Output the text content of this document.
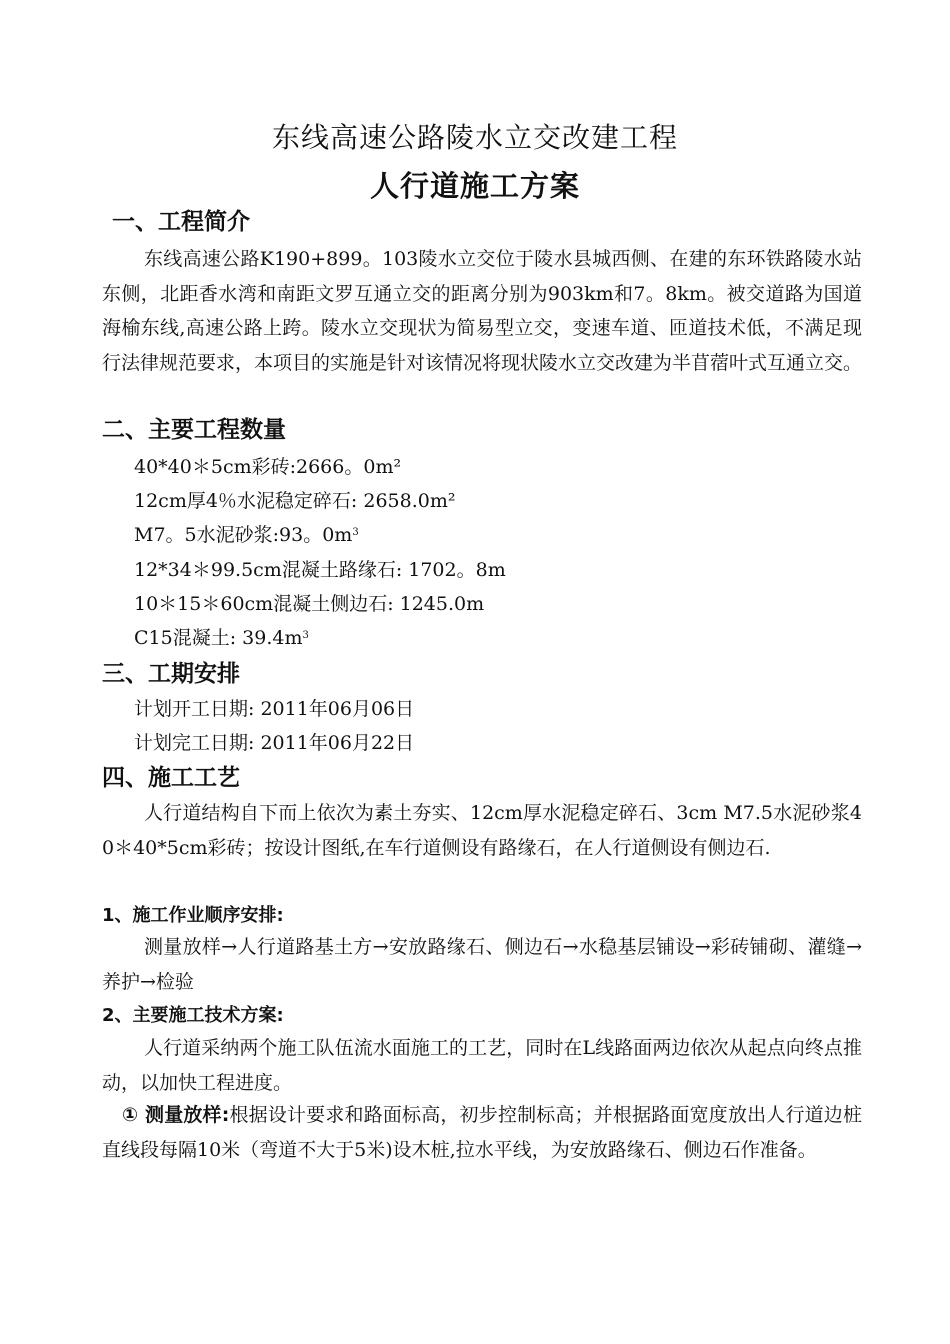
东线高速公路陵水立交改建工程
人行道施工方案
一、工程简介
东线高速公路K190+899。103陵水立交位于陵水县城西侧、在建的东环铁路陵水站东侧，北距香水湾和南距文罗互通立交的距离分别为903km和7。8km。被交道路为国道海榆东线,高速公路上跨。陵水立交现状为简易型立交，变速车道、匝道技术低，不满足现行法律规范要求，本项目的实施是针对该情况将现状陵水立交改建为半苜蓿叶式互通立交。
二、主要工程数量
40*40＊5cm彩砖:2666。0m²
12cm厚4％水泥稳定碎石: 2658.0m²
M7。5水泥砂浆:93。$0m^3$
12*34＊99.5cm混凝土路缘石: 1702。8m
10＊15＊60cm混凝土侧边石: 1245.0m
C15混凝土: $39.4m^3$
三、工期安排
计划开工日期: 2011年06月06日
计划完工日期: 2011年06月22日
四、施工工艺
人行道结构自下而上依次为素土夯实、12cm厚水泥稳定碎石、3cm M7.5水泥砂浆40＊40*5cm彩砖；按设计图纸,在车行道侧设有路缘石，在人行道侧设有侧边石.
1、施工作业顺序安排:
测量放样→人行道路基土方→安放路缘石、侧边石→水稳基层铺设→彩砖铺砌、灌缝→养护→检验
2、主要施工技术方案:
人行道采纳两个施工队伍流水面施工的工艺，同时在L线路面两边依次从起点向终点推动，以加快工程进度。
① 测量放样:根据设计要求和路面标高，初步控制标高；并根据路面宽度放出人行道边桩直线段每隔10米（弯道不大于5米)设木桩,拉水平线，为安放路缘石、侧边石作准备。
